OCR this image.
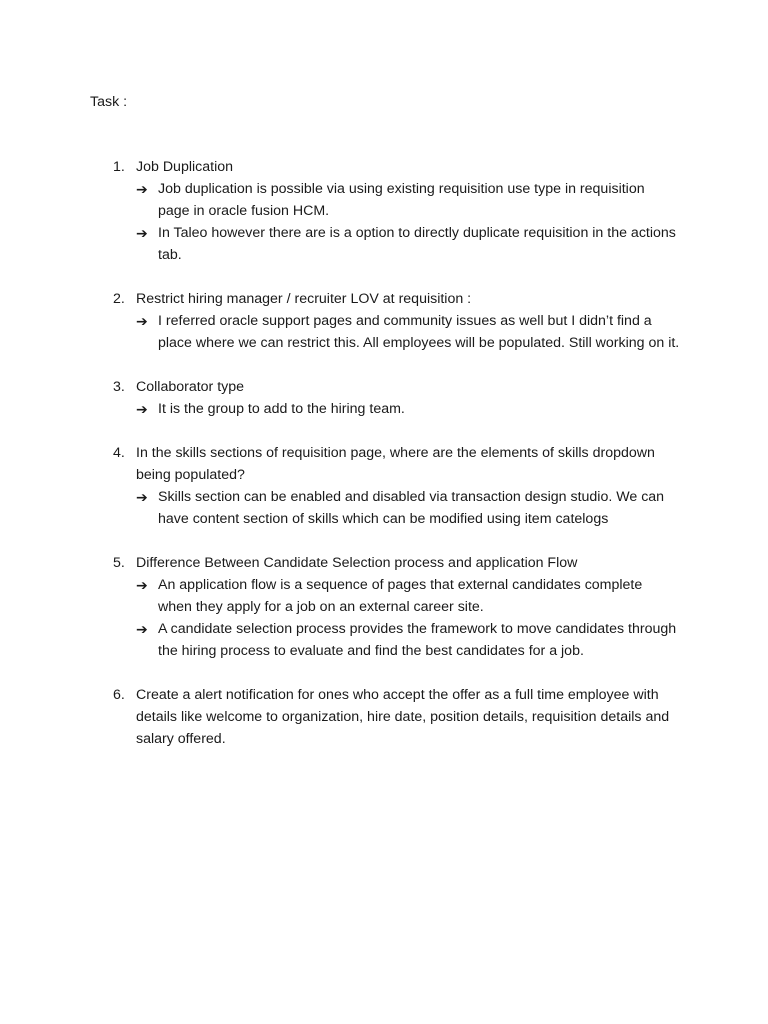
Task :

1. Job Duplication
➔ Job duplication is possible via using existing requisition use type in requisition page in oracle fusion HCM.
➔ In Taleo however there are is a option to directly duplicate requisition in the actions tab.
2. Restrict hiring manager / recruiter LOV at requisition :
➔ I referred oracle support pages and community issues as well but I didn’t find a place where we can restrict this. All employees will be populated. Still working on it.
3. Collaborator type
➔ It is the group to add to the hiring team.
4. In the skills sections of requisition page, where are the elements of skills dropdown being populated?
➔ Skills section can be enabled and disabled via transaction design studio. We can have content section of skills which can be modified using item catelogs
5. Difference Between Candidate Selection process and application Flow
➔ An application flow is a sequence of pages that external candidates complete when they apply for a job on an external career site.
➔ A candidate selection process provides the framework to move candidates through the hiring process to evaluate and find the best candidates for a job.
6. Create a alert notification for ones who accept the offer as a full time employee with details like welcome to organization, hire date, position details, requisition details and salary offered.
